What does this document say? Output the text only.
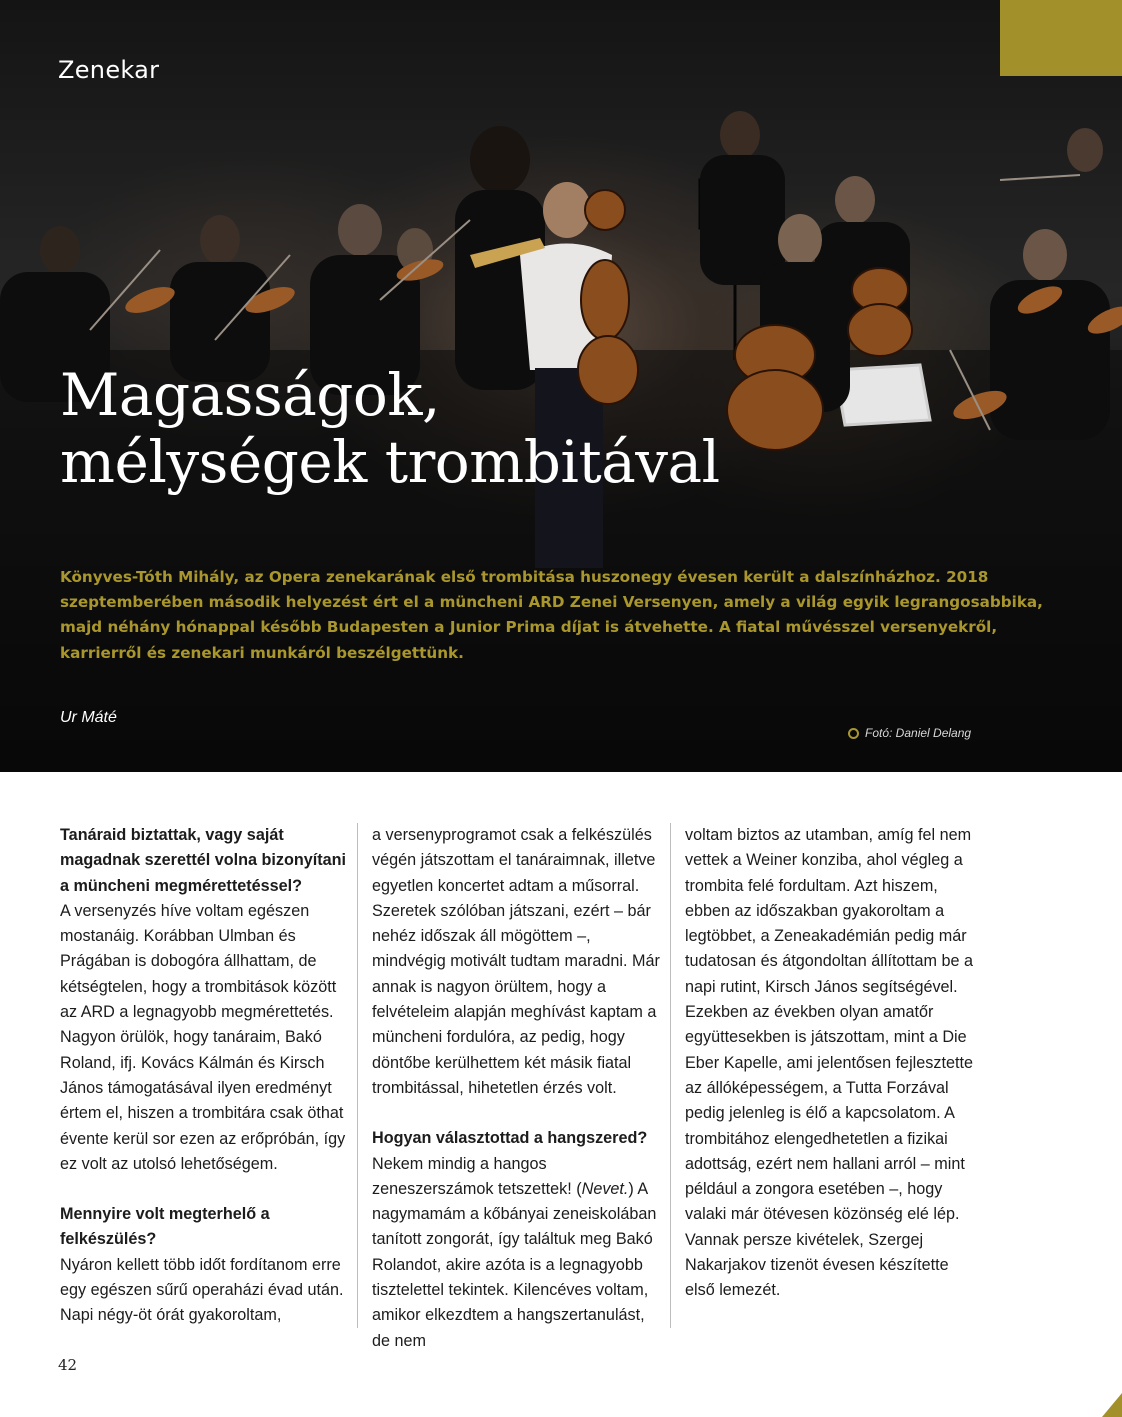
Zenekar
Magasságok,
mélységek trombitával

Könyves-Tóth Mihály, az Opera zenekarának első trombitása huszonegy évesen került a dalszínházhoz. 2018 szeptemberében második helyezést ért el a müncheni ARD Zenei Versenyen, amely a világ egyik legrangosabbika, majd néhány hónappal később Budapesten a Junior Prima díjat is átvehette. A fiatal művésszel versenyekről, karrierről és zenekari munkáról beszélgettünk.

Ur Máté
Fotó: Daniel Delang

Tanáraid biztattak, vagy saját magadnak szerettél volna bizonyítani a müncheni megmérettetéssel?

A versenyzés híve voltam egészen mostanáig. Korábban Ulmban és Prágában is dobogóra állhattam, de kétségtelen, hogy a trombitások között az ARD a legnagyobb megmérettetés. Nagyon örülök, hogy tanáraim, Bakó Roland, ifj. Kovács Kálmán és Kirsch János támogatásával ilyen eredményt értem el, hiszen a trombitára csak öthat évente kerül sor ezen az erőpróbán, így ez volt az utolsó lehetőségem.

Mennyire volt megterhelő a felkészülés?

Nyáron kellett több időt fordítanom erre egy egészen sűrű operaházi évad után. Napi négy-öt órát gyakoroltam,

a versenyprogramot csak a felkészülés végén játszottam el tanáraimnak, illetve egyetlen koncertet adtam a műsorral. Szeretek szólóban játszani, ezért – bár nehéz időszak áll mögöttem –, mindvégig motivált tudtam maradni. Már annak is nagyon örültem, hogy a felvételeim alapján meghívást kaptam a müncheni fordulóra, az pedig, hogy döntőbe kerülhettem két másik fiatal trombitással, hihetetlen érzés volt.

Hogyan választottad a hangszered?

Nekem mindig a hangos zeneszerszámok tetszettek! (Nevet.) A nagymamám a kőbányai zeneiskolában tanított zongorát, így találtuk meg Bakó Rolandot, akire azóta is a legnagyobb tisztelettel tekintek. Kilencéves voltam, amikor elkezdtem a hangszertanulást, de nem

voltam biztos az utamban, amíg fel nem vettek a Weiner konziba, ahol végleg a trombita felé fordultam. Azt hiszem, ebben az időszakban gyakoroltam a legtöbbet, a Zeneakadémián pedig már tudatosan és átgondoltan állítottam be a napi rutint, Kirsch János segítségével. Ezekben az években olyan amatőr együttesekben is játszottam, mint a Die Eber Kapelle, ami jelentősen fejlesztette az állóképességem, a Tutta Forzával pedig jelenleg is élő a kapcsolatom. A trombitához elengedhetetlen a fizikai adottság, ezért nem hallani arról – mint például a zongora esetében –, hogy valaki már ötévesen közönség elé lép. Vannak persze kivételek, Szergej Nakarjakov tizenöt évesen készítette első lemezét.

42
